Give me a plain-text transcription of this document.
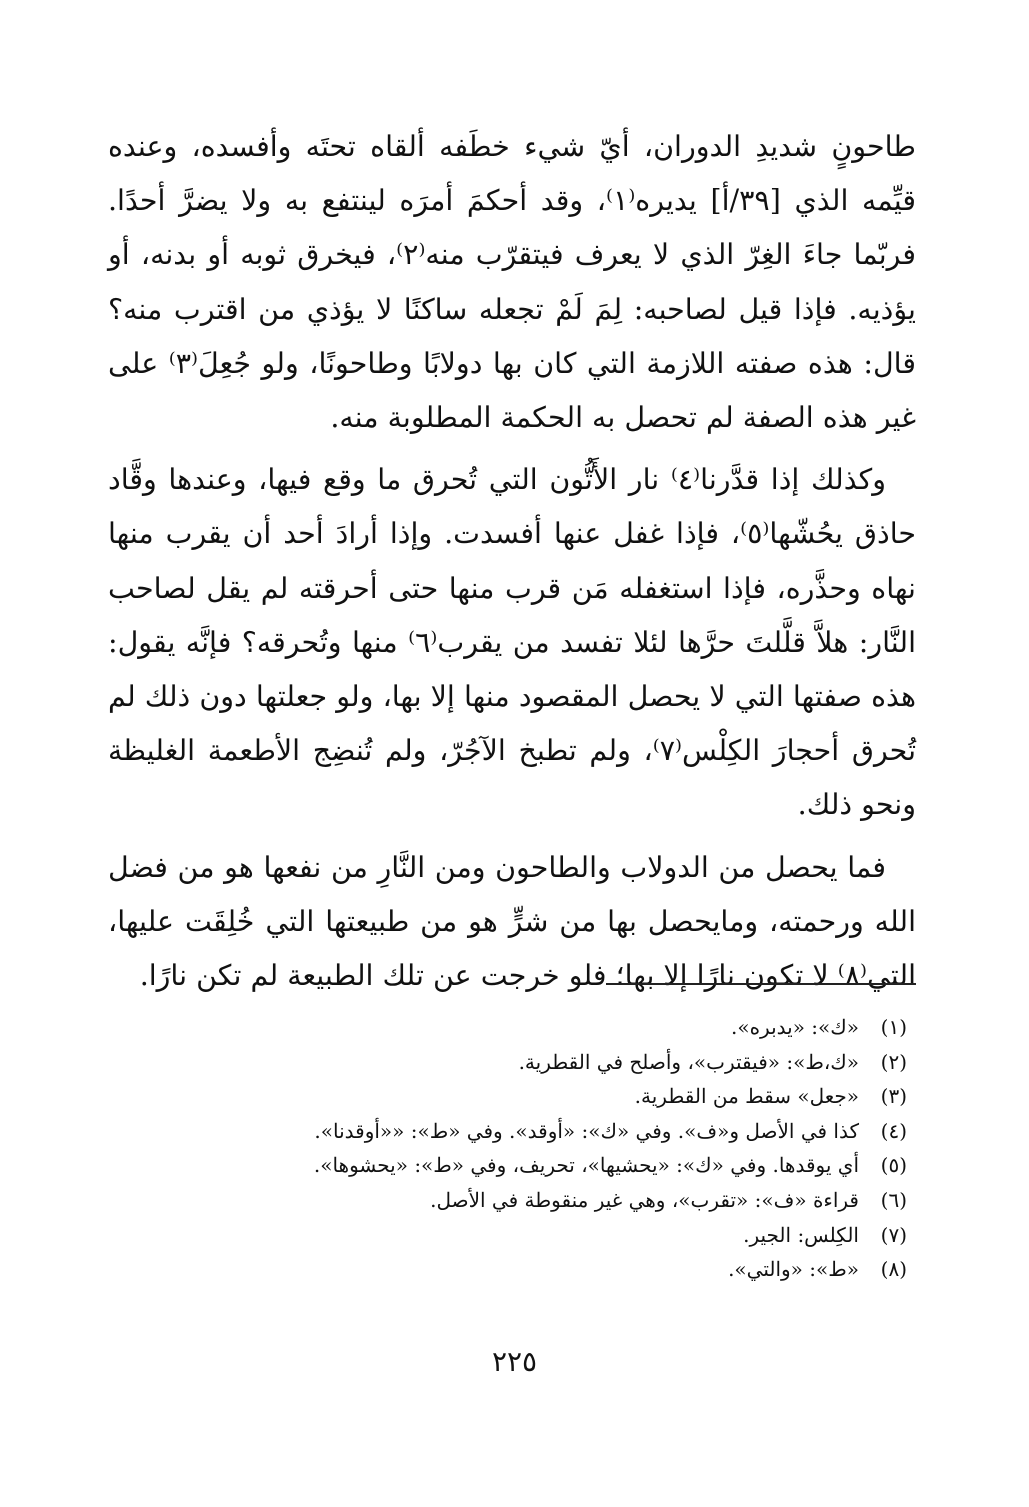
طاحونٍ شديدِ الدوران، أيّ شيء خطَفه ألقاه تحتَه وأفسده، وعنده قيِّمه الذي [٣٩/أ] يديره⁽١⁾، وقد أحكمَ أمرَه لينتفع به ولا يضرَّ أحدًا. فربّما جاءَ الغِرّ الذي لا يعرف فيتقرّب منه⁽٢⁾، فيخرق ثوبه أو بدنه، أو يؤذيه. فإذا قيل لصاحبه: لِمَ لَمْ تجعله ساكنًا لا يؤذي من اقترب منه؟ قال: هذه صفته اللازمة التي كان بها دولابًا وطاحونًا، ولو جُعِلَ⁽٣⁾ على غير هذه الصفة لم تحصل به الحكمة المطلوبة منه.

وكذلك إذا قدَّرنا⁽٤⁾ نار الأَتُّون التي تُحرق ما وقع فيها، وعندها وقَّاد حاذق يحُشّها⁽٥⁾، فإذا غفل عنها أفسدت. وإذا أرادَ أحد أن يقرب منها نهاه وحذَّره، فإذا استغفله مَن قرب منها حتى أحرقته لم يقل لصاحب النَّار: هلاَّ قلَّلتَ حرَّها لئلا تفسد من يقرب⁽٦⁾ منها وتُحرقه؟ فإنَّه يقول: هذه صفتها التي لا يحصل المقصود منها إلا بها، ولو جعلتها دون ذلك لم تُحرق أحجارَ الكِلْس⁽٧⁾، ولم تطبخ الآجُرّ، ولم تُنضِج الأطعمة الغليظة ونحو ذلك.

فما يحصل من الدولاب والطاحون ومن النَّارِ من نفعها هو من فضل الله ورحمته، ومايحصل بها من شرٍّ هو من طبيعتها التي خُلِقَت عليها، التي⁽٨⁾ لا تكون نارًا إلا بها؛ فلو خرجت عن تلك الطبيعة لم تكن نارًا.

(١)
«ك»: «يدبره».
(٢)
«ك،ط»: «فيقترب»، وأصلح في القطرية.
(٣)
«جعل» سقط من القطرية.
(٤)
كذا في الأصل و«ف». وفي «ك»: «أوقد». وفي «ط»: ««أوقدنا».
(٥)
أي يوقدها. وفي «ك»: «يحشيها»، تحريف، وفي «ط»: «يحشوها».
(٦)
قراءة «ف»: «تقرب»، وهي غير منقوطة في الأصل.
(٧)
الكِلس: الجير.
(٨)
«ط»: «والتي».
٢٢٥
